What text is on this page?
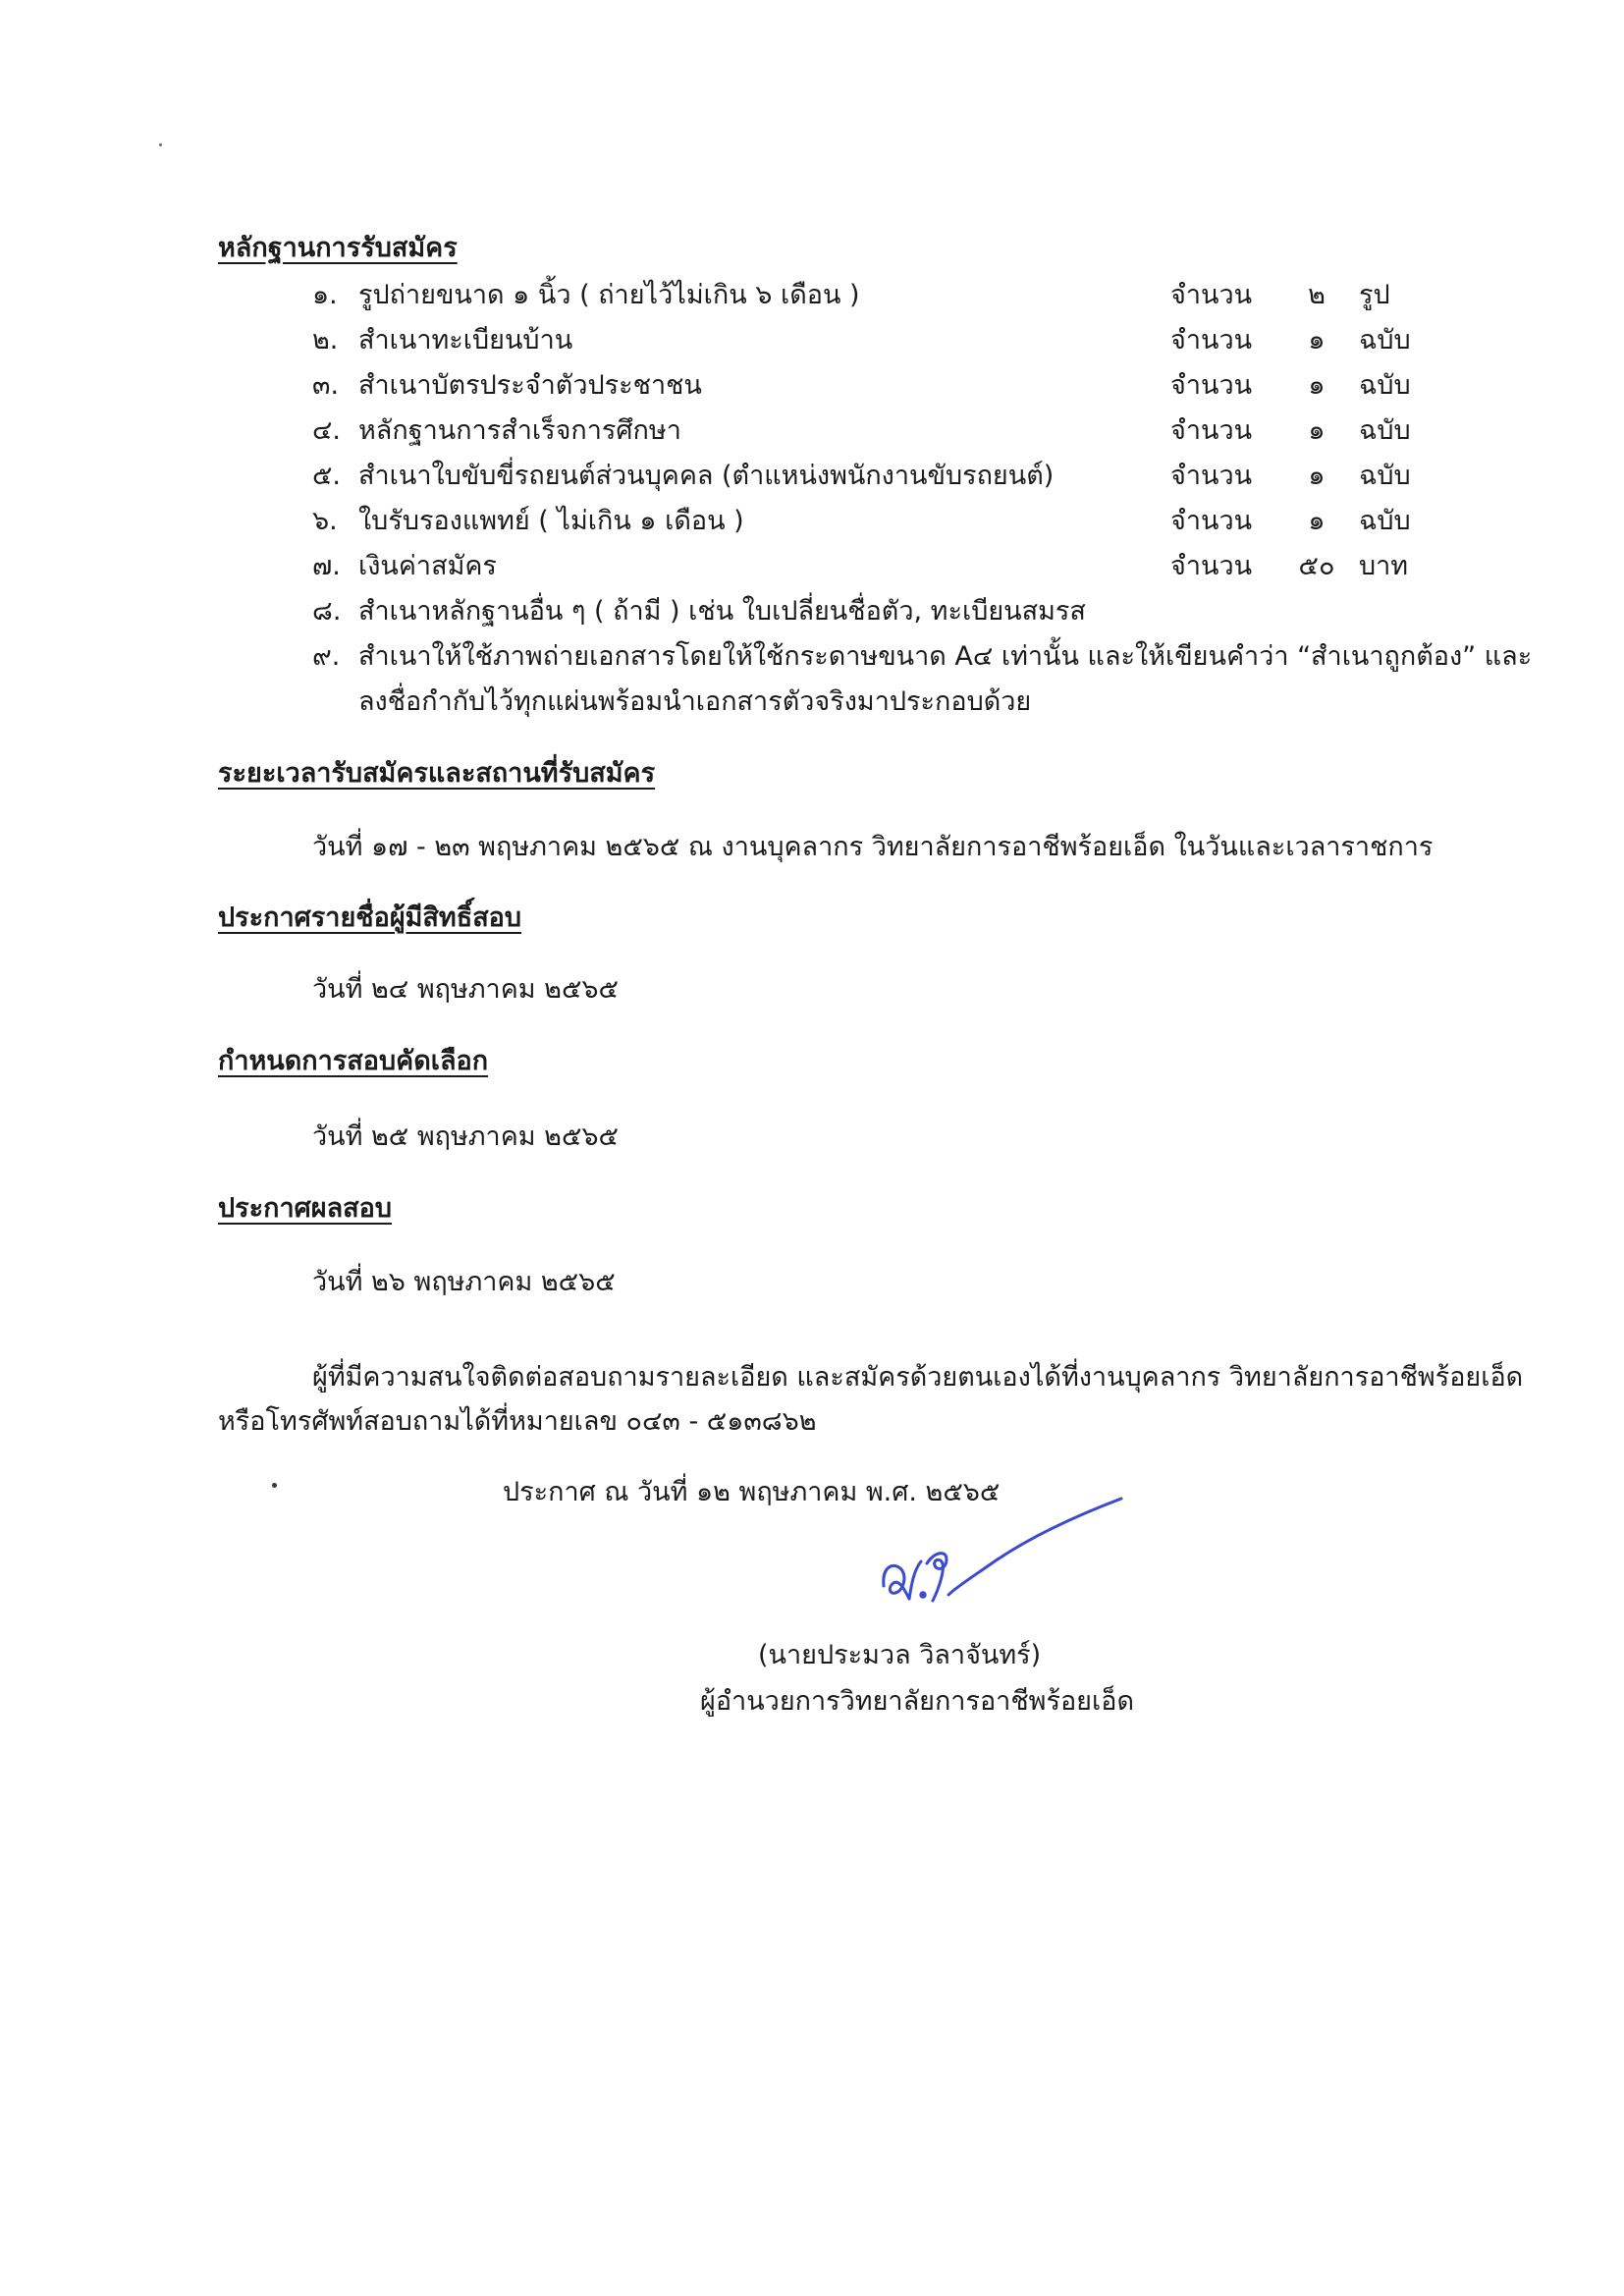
หลักฐานการรับสมัคร
๑. รูปถ่ายขนาด ๑ นิ้ว ( ถ่ายไว้ไม่เกิน ๖ เดือน )	จำนวน	๒	รูป
๒. สำเนาทะเบียนบ้าน	จำนวน	๑	ฉบับ
๓. สำเนาบัตรประจำตัวประชาชน	จำนวน	๑	ฉบับ
๔. หลักฐานการสำเร็จการศึกษา	จำนวน	๑	ฉบับ
๕. สำเนาใบขับขี่รถยนต์ส่วนบุคคล (ตำแหน่งพนักงานขับรถยนต์)	จำนวน	๑	ฉบับ
๖. ใบรับรองแพทย์ ( ไม่เกิน ๑ เดือน )	จำนวน	๑	ฉบับ
๗. เงินค่าสมัคร	จำนวน ๕๐ บาท
๘. สำเนาหลักฐานอื่น ๆ ( ถ้ามี ) เช่น ใบเปลี่ยนชื่อตัว, ทะเบียนสมรส
๙. สำเนาให้ใช้ภาพถ่ายเอกสารโดยให้ใช้กระดาษขนาด A๔ เท่านั้น และให้เขียนคำว่า “สำเนาถูกต้อง” และ
ลงชื่อกำกับไว้ทุกแผ่นพร้อมนำเอกสารตัวจริงมาประกอบด้วย
ระยะเวลารับสมัครและสถานที่รับสมัคร
วันที่ ๑๗ - ๒๓ พฤษภาคม ๒๕๖๕ ณ งานบุคลากร วิทยาลัยการอาชีพร้อยเอ็ด ในวันและเวลาราชการ
ประกาศรายชื่อผู้มีสิทธิ์สอบ
วันที่ ๒๔ พฤษภาคม ๒๕๖๕
กำหนดการสอบคัดเลือก
วันที่ ๒๕ พฤษภาคม ๒๕๖๕
ประกาศผลสอบ
วันที่ ๒๖ พฤษภาคม ๒๕๖๕
ผู้ที่มีความสนใจติดต่อสอบถามรายละเอียด และสมัครด้วยตนเองได้ที่งานบุคลากร วิทยาลัยการอาชีพร้อยเอ็ด
หรือโทรศัพท์สอบถามได้ที่หมายเลข ๐๔๓ - ๕๑๓๘๖๒
ประกาศ ณ วันที่ ๑๒ พฤษภาคม พ.ศ. ๒๕๖๕
(นายประมวล วิลาจันทร์)
ผู้อำนวยการวิทยาลัยการอาชีพร้อยเอ็ด
